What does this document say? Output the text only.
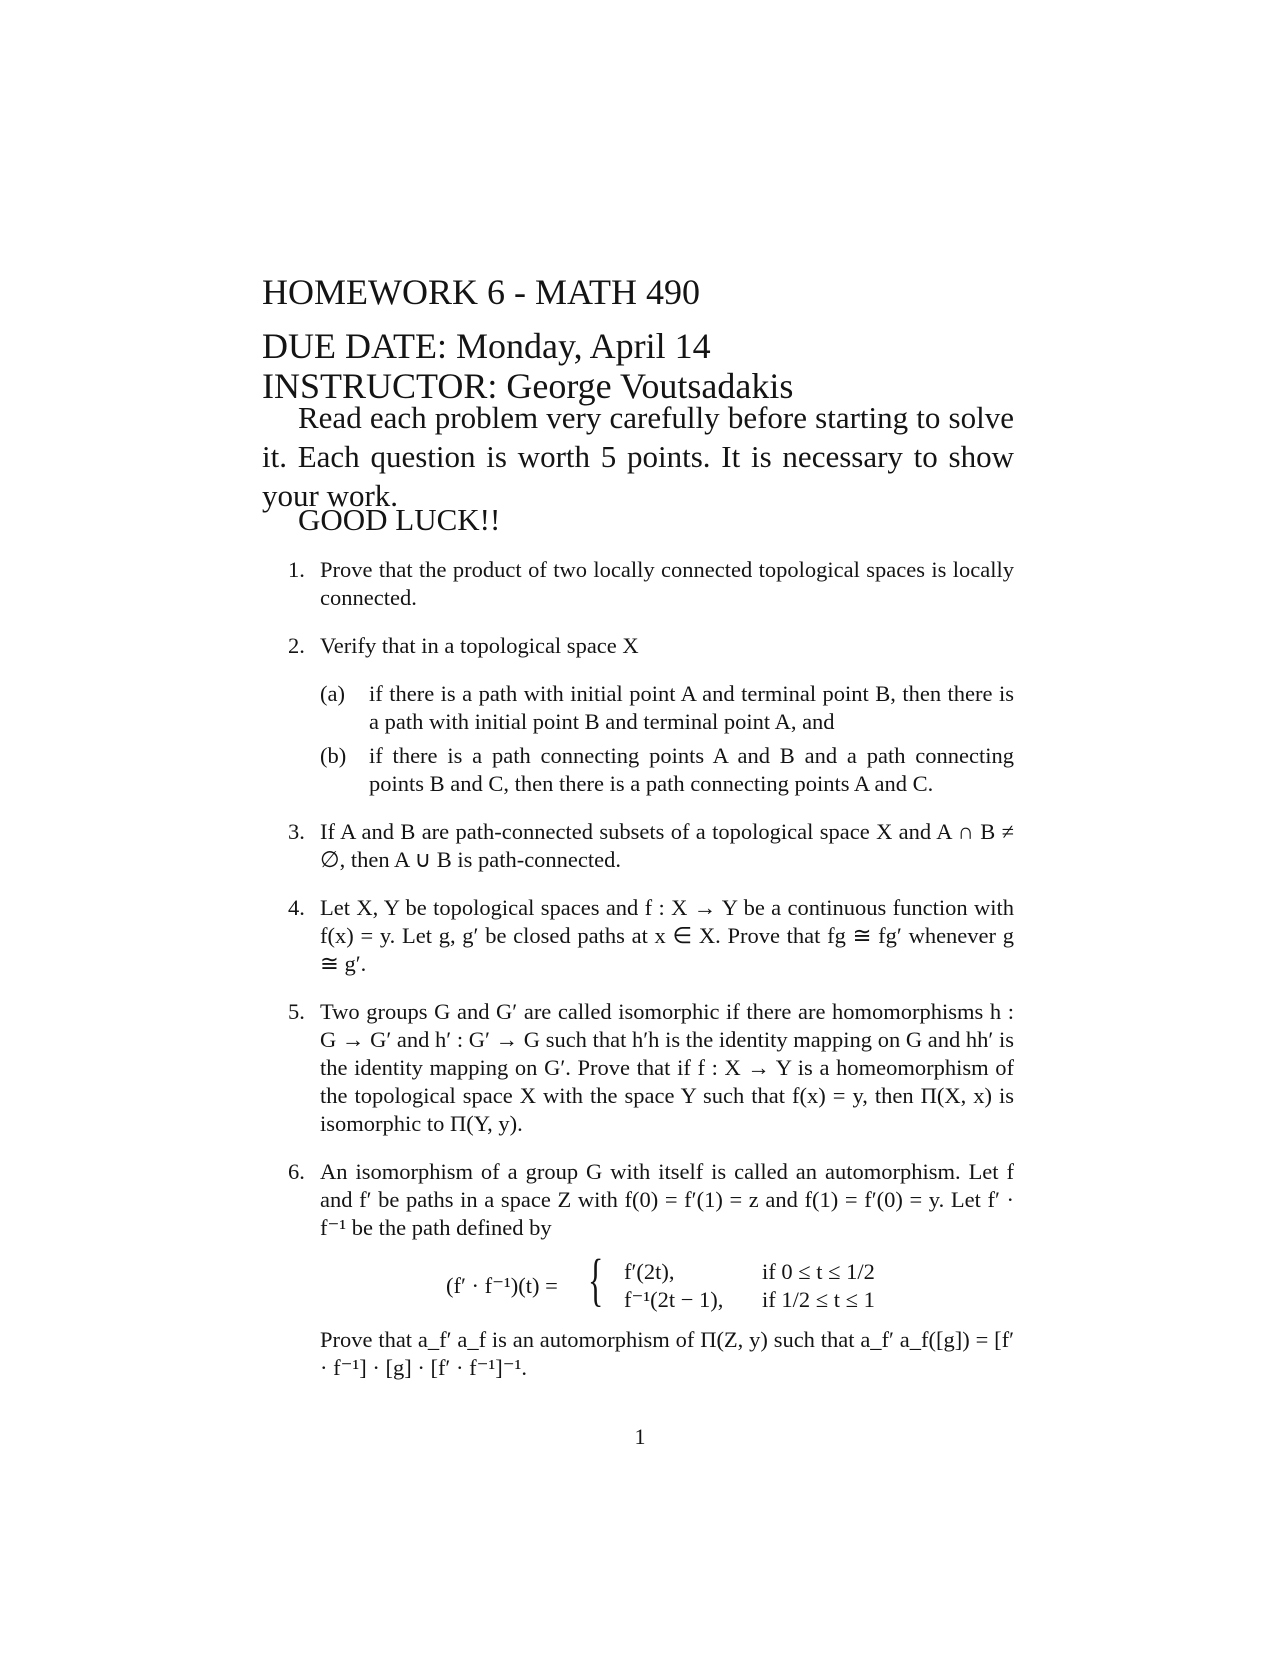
HOMEWORK 6 - MATH 490
DUE DATE: Monday, April 14
INSTRUCTOR: George Voutsadakis
Read each problem very carefully before starting to solve it. Each question is worth 5 points. It is necessary to show your work.
GOOD LUCK!!
1. Prove that the product of two locally connected topological spaces is locally connected.
2. Verify that in a topological space X
(a) if there is a path with initial point A and terminal point B, then there is a path with initial point B and terminal point A, and
(b) if there is a path connecting points A and B and a path connecting points B and C, then there is a path connecting points A and C.
3. If A and B are path-connected subsets of a topological space X and A ∩ B ≠ ∅, then A ∪ B is path-connected.
4. Let X, Y be topological spaces and f : X → Y be a continuous function with f(x) = y. Let g, g′ be closed paths at x ∈ X. Prove that fg ≅ fg′ whenever g ≅ g′.
5. Two groups G and G′ are called isomorphic if there are homomorphisms h : G → G′ and h′ : G′ → G such that h′h is the identity mapping on G and hh′ is the identity mapping on G′. Prove that if f : X → Y is a homeomorphism of the topological space X with the space Y such that f(x) = y, then Π(X, x) is isomorphic to Π(Y, y).
6. An isomorphism of a group G with itself is called an automorphism. Let f and f′ be paths in a space Z with f(0) = f′(1) = z and f(1) = f′(0) = y. Let f′ · f⁻¹ be the path defined by
(f′ · f⁻¹)(t) = { f′(2t),
f⁻¹(2t − 1),
if 0 ≤ t ≤ 1/2
if 1/2 ≤ t ≤ 1
Prove that a_f′ a_f is an automorphism of Π(Z, y) such that a_f′ a_f([g]) = [f′ · f⁻¹] · [g] · [f′ · f⁻¹]⁻¹.
1
